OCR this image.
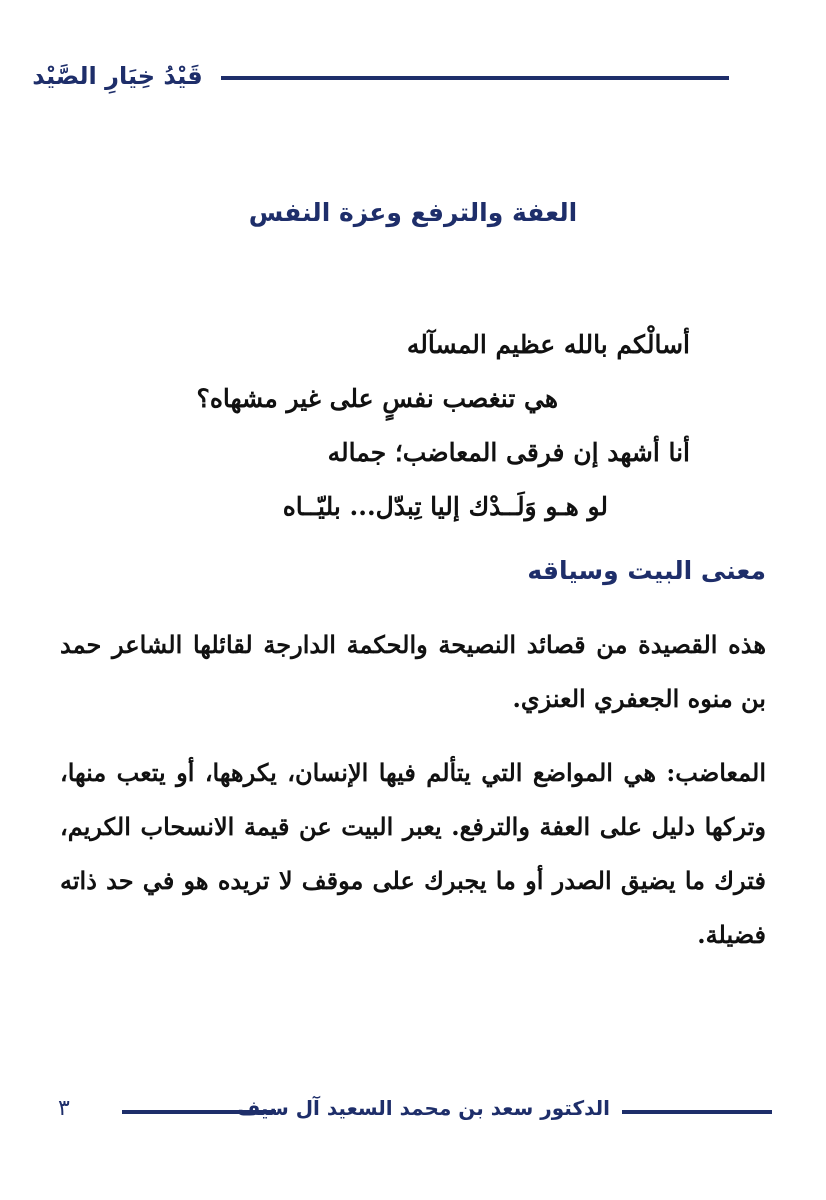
قَيْدُ خِيَارِ الصَّيْد
العفة والترفع وعزة النفس
أسالْكم بالله عظيم المسآله
هي تنغصب نفسٍ على غير مشهاه؟
أنا أشهد إن فرقى المعاضب؛ جماله
لو هـو وَلَــدْك إليا تِبدّل... بليّــاه
معنى البيت وسياقه

هذه القصيدة من قصائد النصيحة والحكمة الدارجة لقائلها الشاعر حمد بن منوه الجعفري العنزي.

المعاضب: هي المواضع التي يتألم فيها الإنسان، يكرهها، أو يتعب منها، وتركها دليل على العفة والترفع. يعبر البيت عن قيمة الانسحاب الكريم، فترك ما يضيق الصدر أو ما يجبرك على موقف لا تريده هو في حد ذاته فضيلة.

٣	الدكتور سعد بن محمد السعيد آل سيف
